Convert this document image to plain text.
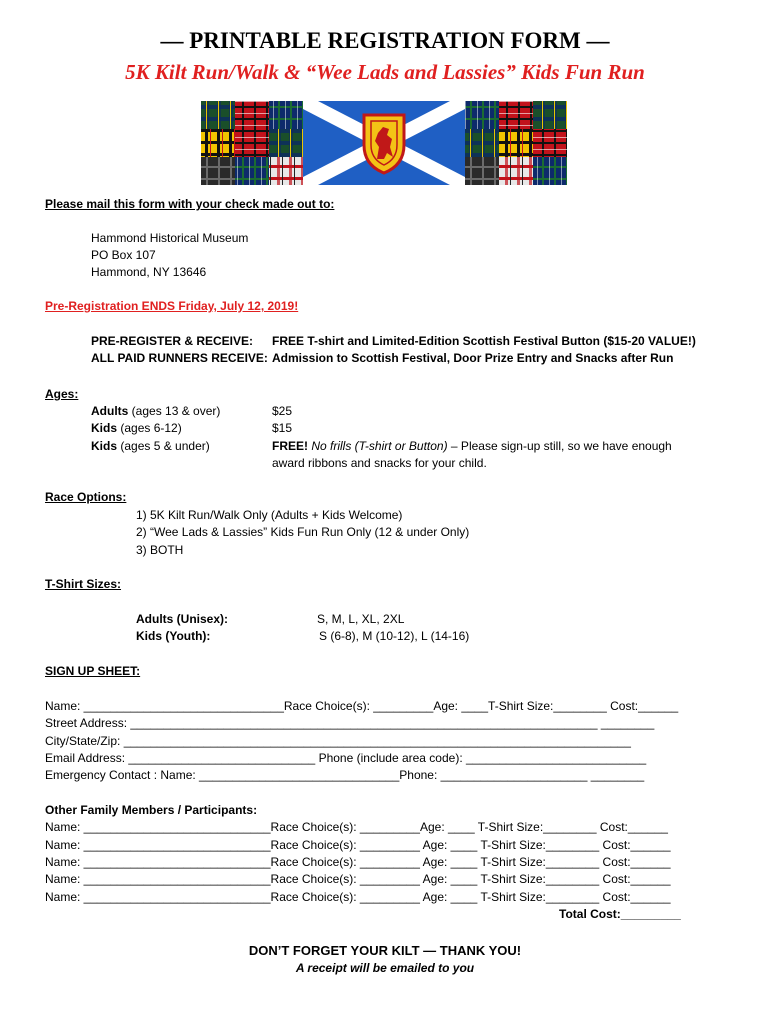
— PRINTABLE REGISTRATION FORM —
5K Kilt Run/Walk & “Wee Lads and Lassies” Kids Fun Run
Please mail this form with your check made out to:
Hammond Historical Museum
PO Box 107
Hammond, NY 13646
Pre-Registration ENDS Friday, July 12, 2019!
PRE-REGISTER & RECEIVE: FREE T-shirt and Limited-Edition Scottish Festival Button ($15-20 VALUE!)
ALL PAID RUNNERS RECEIVE: Admission to Scottish Festival, Door Prize Entry and Snacks after Run
Ages:
Adults (ages 13 & over)	$25
Kids (ages 6-12)	$15
Kids (ages 5 & under)	FREE! No frills (T-shirt or Button) – Please sign-up still, so we have enough
award ribbons and snacks for your child.
Race Options:
1) 5K Kilt Run/Walk Only (Adults + Kids Welcome)
2) “Wee Lads & Lassies” Kids Fun Run Only (12 & under Only)
3) BOTH
T-Shirt Sizes:
Adults (Unisex):	S, M, L, XL, 2XL
Kids (Youth):	S (6-8), M (10-12), L (14-16)
SIGN UP SHEET:
Name: ______________________________Race Choice(s): _________Age: ____T-Shirt Size:________ Cost:______
Street Address: ______________________________________________________________________ ________
City/State/Zip: ____________________________________________________________________________
Email Address: ____________________________ Phone (include area code): ___________________________
Emergency Contact : Name: ______________________________Phone: ______________________ ________
Other Family Members / Participants:
Name: ____________________________Race Choice(s): _________Age: ____ T-Shirt Size:________ Cost:______
Name: ____________________________Race Choice(s): _________ Age: ____ T-Shirt Size:________ Cost:______
Name: ____________________________Race Choice(s): _________ Age: ____ T-Shirt Size:________ Cost:______
Name: ____________________________Race Choice(s): _________ Age: ____ T-Shirt Size:________ Cost:______
Name: ____________________________Race Choice(s): _________ Age: ____ T-Shirt Size:________ Cost:______
Total Cost:_________
DON’T FORGET YOUR KILT — THANK YOU!
A receipt will be emailed to you
